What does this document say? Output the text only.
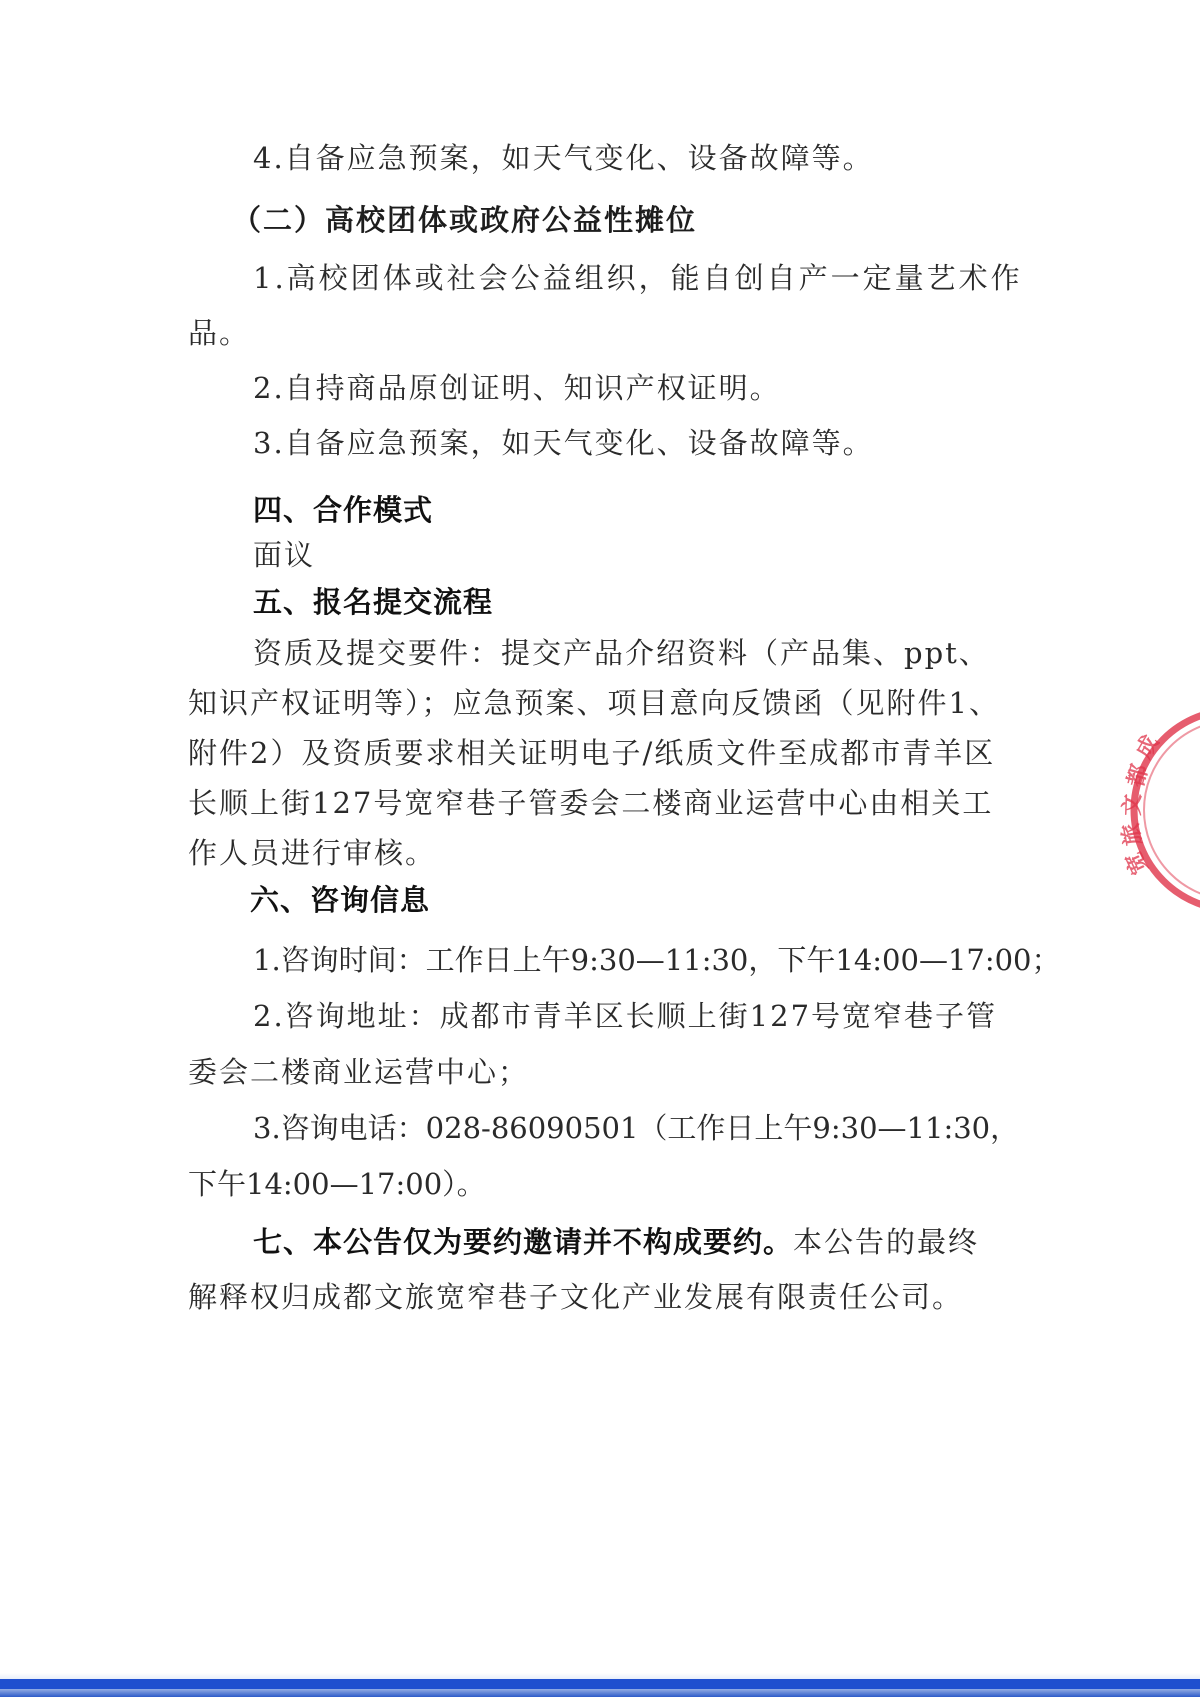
4.自备应急预案，如天气变化、设备故障等。
（二）高校团体或政府公益性摊位
1.高校团体或社会公益组织，能自创自产一定量艺术作
品。
2.自持商品原创证明、知识产权证明。
3.自备应急预案，如天气变化、设备故障等。
四、合作模式
面议
五、报名提交流程
资质及提交要件：提交产品介绍资料（产品集、ppt、
知识产权证明等）；应急预案、项目意向反馈函（见附件1、
附件2）及资质要求相关证明电子/纸质文件至成都市青羊区
长顺上街127号宽窄巷子管委会二楼商业运营中心由相关工
作人员进行审核。
六、咨询信息
1.咨询时间：工作日上午9:30—11:30，下午14:00—17:00；
2.咨询地址：成都市青羊区长顺上街127号宽窄巷子管
委会二楼商业运营中心；
3.咨询电话：028-86090501（工作日上午9:30—11:30，
下午14:00—17:00）。
七、本公告仅为要约邀请并不构成要约。本公告的最终
解释权归成都文旅宽窄巷子文化产业发展有限责任公司。
成
都
文
旅
宽
